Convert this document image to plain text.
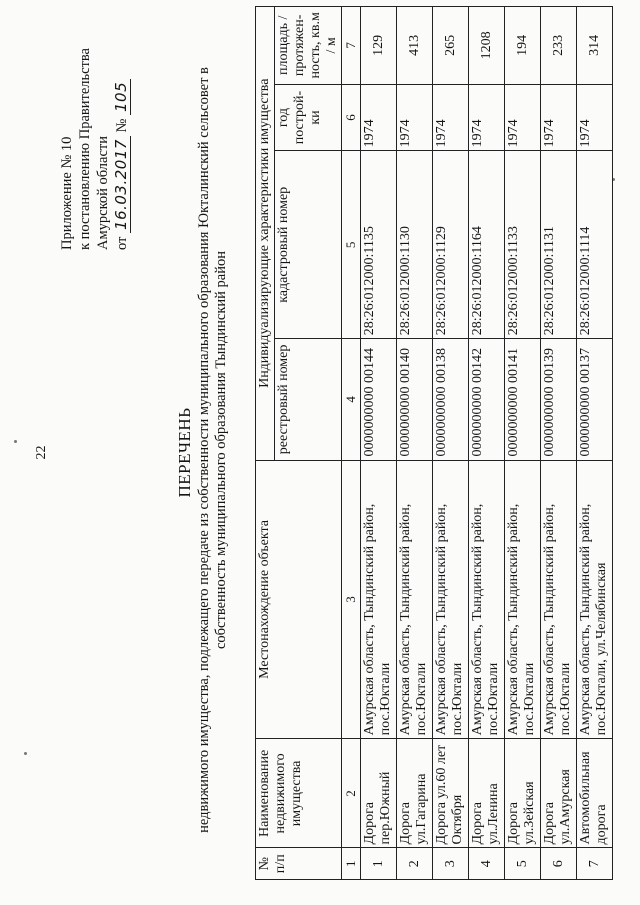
22
Приложение № 10 к постановлению Правительства Амурской области от 16.03.2017 № 105
ПЕРЕЧЕНЬ недвижимого имущества, подлежащего передаче из собственности муниципального образования Юкталинский сельсовет в собственность муниципального образования Тындинский район
№ п/п	Наименование недвижимого имущества	Местонахождение объекта	Индивидуализирующие характеристики имущества			
			реестровый номер	кадастровый номер	год построй-ки	площадь / протяжен-ность, кв.м / м
1	2	3	4	5	6	7
1	Дорога пер.Южный	Амурская область, Тындинский район, пос.Юктали	0000000000 00144	28:26:012000:1135	1974	129
2	Дорога ул.Гагарина	Амурская область, Тындинский район, пос.Юктали	0000000000 00140	28:26:012000:1130	1974	413
3	Дорога ул.60 лет Октября	Амурская область, Тындинский район, пос.Юктали	0000000000 00138	28:26:012000:1129	1974	265
4	Дорога ул.Ленина	Амурская область, Тындинский район, пос.Юктали	0000000000 00142	28:26:012000:1164	1974	1208
5	Дорога ул.Зейская	Амурская область, Тындинский район, пос.Юктали	0000000000 00141	28:26:012000:1133	1974	194
6	Дорога ул.Амурская	Амурская область, Тындинский район, пос.Юктали	0000000000 00139	28:26:012000:1131	1974	233
7	Автомобильная дорога	Амурская область, Тындинский район, пос.Юктали, ул.Челябинская	0000000000 00137	28:26:012000:1114	1974	314
